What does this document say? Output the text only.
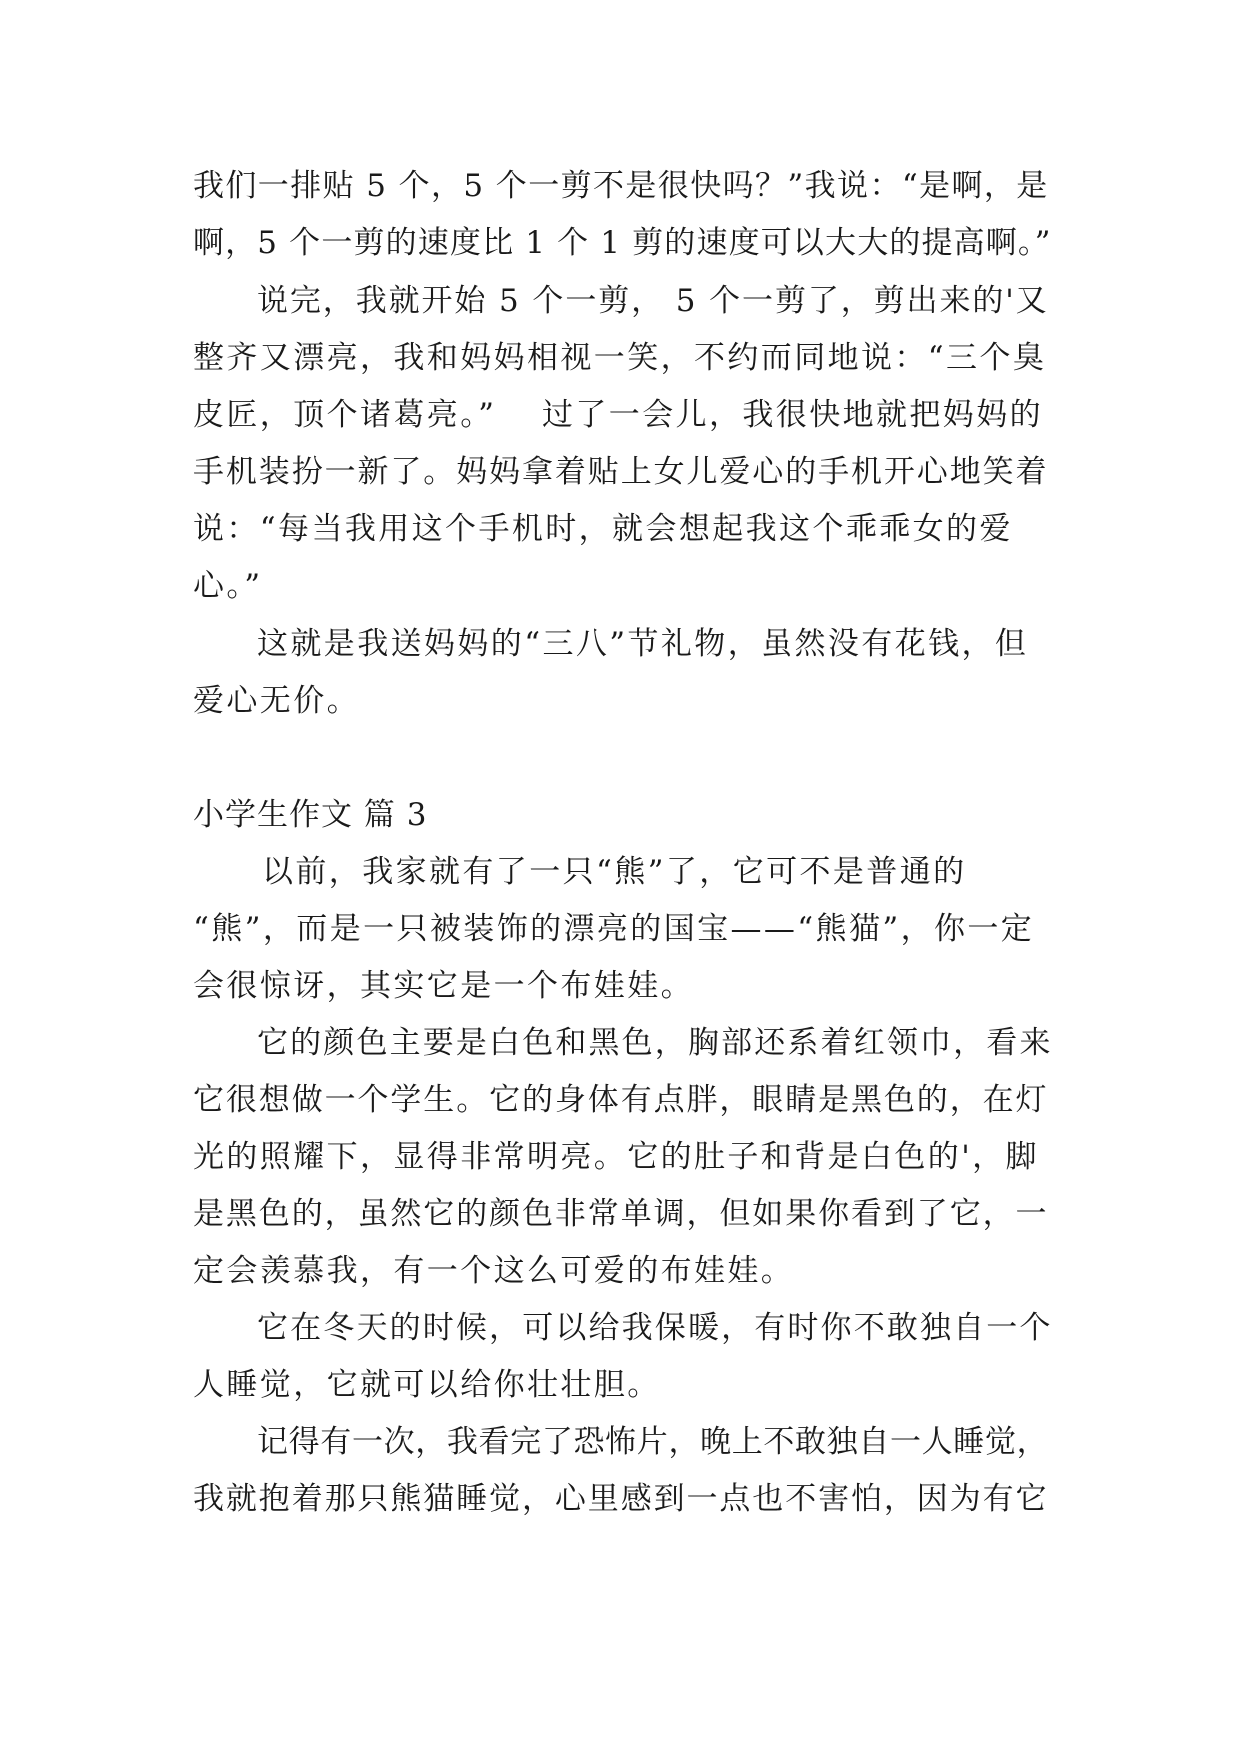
我们一排贴 5 个，5 个一剪不是很快吗？”我说：“是啊，是
啊，5 个一剪的速度比 1 个 1 剪的速度可以大大的提高啊。”
说完，我就开始 5 个一剪， 5 个一剪了，剪出来的'又
整齐又漂亮，我和妈妈相视一笑，不约而同地说：“三个臭
皮匠，顶个诸葛亮。”　 过了一会儿，我很快地就把妈妈的
手机装扮一新了。妈妈拿着贴上女儿爱心的手机开心地笑着
说：“每当我用这个手机时，就会想起我这个乖乖女的爱
心。”
这就是我送妈妈的“三八”节礼物，虽然没有花钱，但
爱心无价。
小学生作文 篇 3
以前，我家就有了一只“熊”了，它可不是普通的
“熊”，而是一只被装饰的漂亮的国宝——“熊猫”，你一定
会很惊讶，其实它是一个布娃娃。
它的颜色主要是白色和黑色，胸部还系着红领巾，看来
它很想做一个学生。它的身体有点胖，眼睛是黑色的，在灯
光的照耀下，显得非常明亮。它的肚子和背是白色的'，脚
是黑色的，虽然它的颜色非常单调，但如果你看到了它，一
定会羡慕我，有一个这么可爱的布娃娃。
它在冬天的时候，可以给我保暖，有时你不敢独自一个
人睡觉，它就可以给你壮壮胆。
记得有一次，我看完了恐怖片，晚上不敢独自一人睡觉，
我就抱着那只熊猫睡觉，心里感到一点也不害怕，因为有它
